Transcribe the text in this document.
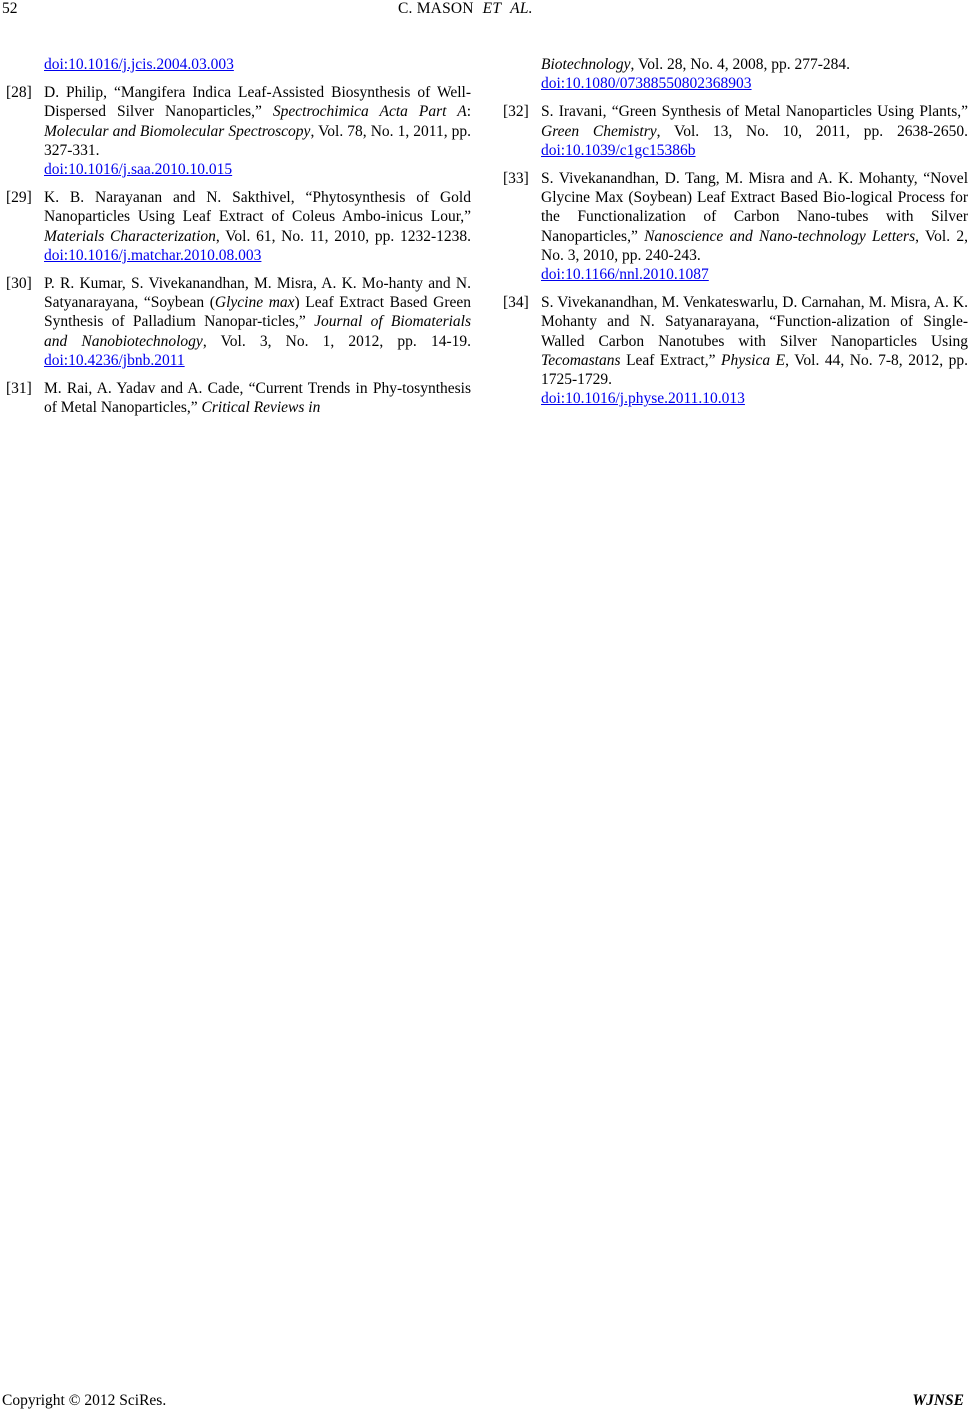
52	C. MASON ET AL.
doi:10.1016/j.jcis.2004.03.003
[28] D. Philip, “Mangifera Indica Leaf-Assisted Biosynthesis of Well-Dispersed Silver Nanoparticles,” Spectrochimica Acta Part A: Molecular and Biomolecular Spectroscopy, Vol. 78, No. 1, 2011, pp. 327-331.
doi:10.1016/j.saa.2010.10.015
[29] K. B. Narayanan and N. Sakthivel, “Phytosynthesis of Gold Nanoparticles Using Leaf Extract of Coleus Ambo-inicus Lour,” Materials Characterization, Vol. 61, No. 11, 2010, pp. 1232-1238. doi:10.1016/j.matchar.2010.08.003
[30] P. R. Kumar, S. Vivekanandhan, M. Misra, A. K. Mo-hanty and N. Satyanarayana, “Soybean (Glycine max) Leaf Extract Based Green Synthesis of Palladium Nanopar-ticles,” Journal of Biomaterials and Nanobiotechnology, Vol. 3, No. 1, 2012, pp. 14-19. doi:10.4236/jbnb.2011
[31] M. Rai, A. Yadav and A. Cade, “Current Trends in Phy-tosynthesis of Metal Nanoparticles,” Critical Reviews in
Biotechnology, Vol. 28, No. 4, 2008, pp. 277-284.
doi:10.1080/07388550802368903
[32] S. Iravani, “Green Synthesis of Metal Nanoparticles Using Plants,” Green Chemistry, Vol. 13, No. 10, 2011, pp. 2638-2650. doi:10.1039/c1gc15386b
[33] S. Vivekanandhan, D. Tang, M. Misra and A. K. Mohanty, “Novel Glycine Max (Soybean) Leaf Extract Based Bio-logical Process for the Functionalization of Carbon Nano-tubes with Silver Nanoparticles,” Nanoscience and Nano-technology Letters, Vol. 2, No. 3, 2010, pp. 240-243.
doi:10.1166/nnl.2010.1087
[34] S. Vivekanandhan, M. Venkateswarlu, D. Carnahan, M. Misra, A. K. Mohanty and N. Satyanarayana, “Function-alization of Single-Walled Carbon Nanotubes with Silver Nanoparticles Using Tecomastans Leaf Extract,” Physica E, Vol. 44, No. 7-8, 2012, pp. 1725-1729.
doi:10.1016/j.physe.2011.10.013
Copyright © 2012 SciRes.	WJNSE
